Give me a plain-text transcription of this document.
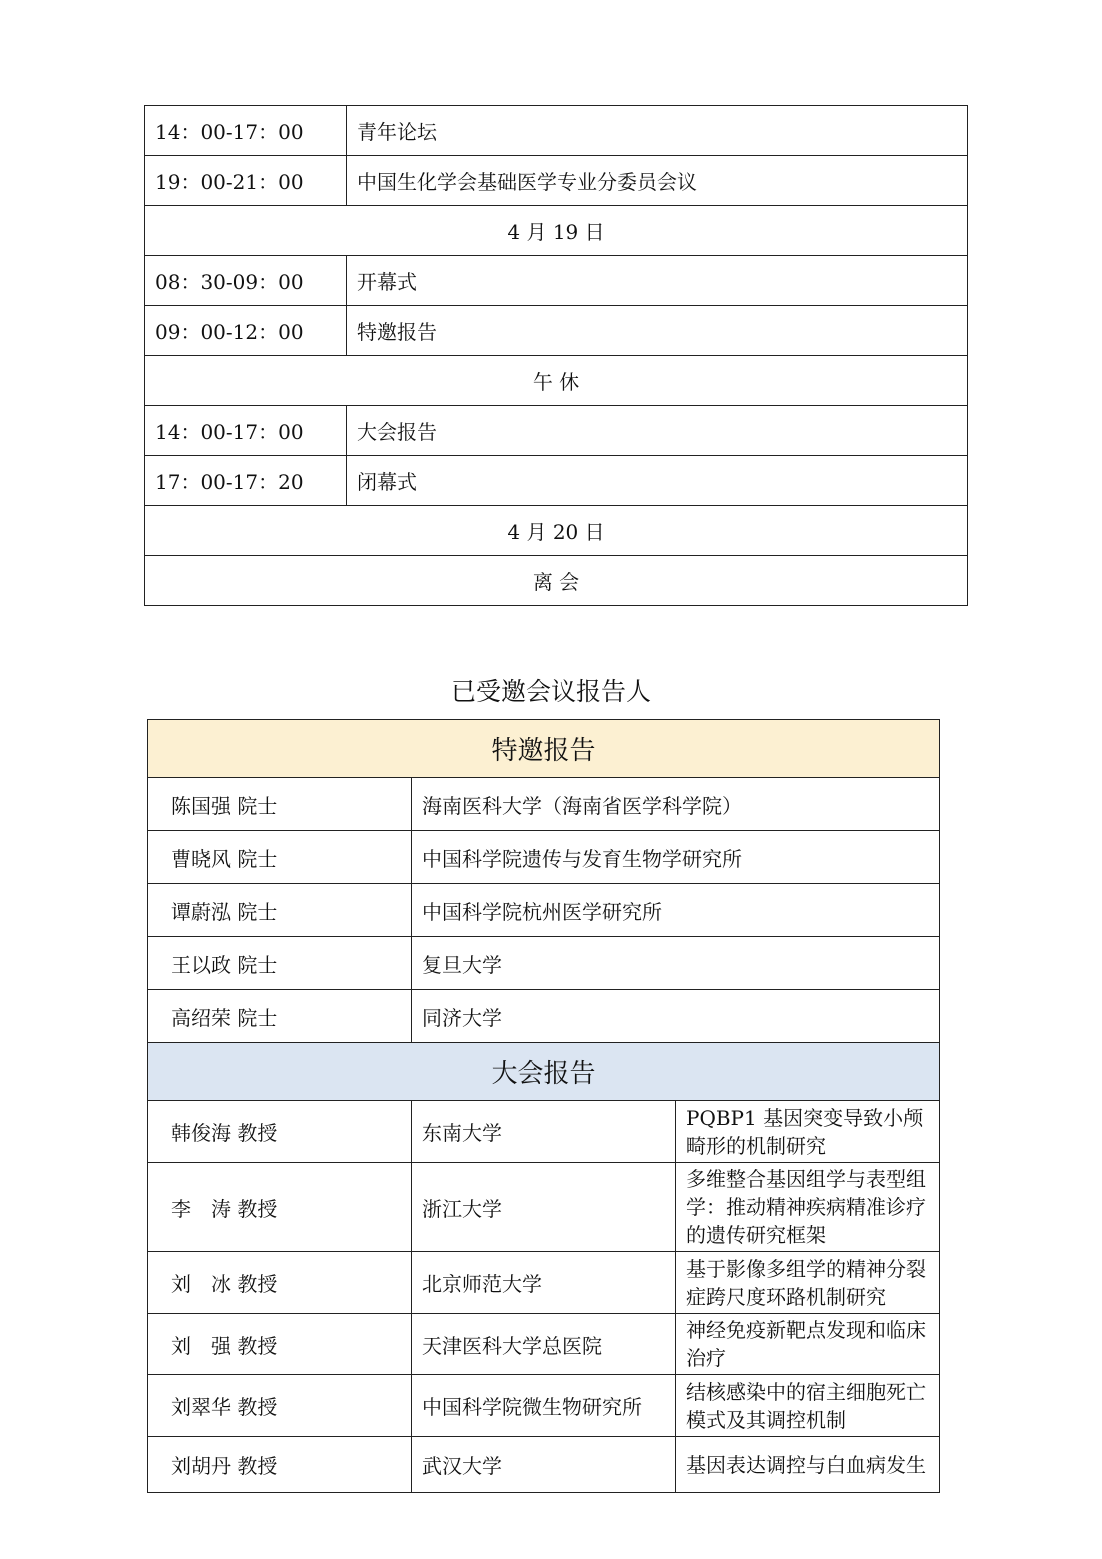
14：00-17：00	青年论坛
19：00-21：00	中国生化学会基础医学专业分委员会议
4 月 19 日	
08：30-09：00	开幕式
09：00-12：00	特邀报告
午 休	
14：00-17：00	大会报告
17：00-17：20	闭幕式
4 月 20 日	
离 会	
已受邀会议报告人
特邀报告		
陈国强 院士	海南医科大学（海南省医学科学院）	
曹晓风 院士	中国科学院遗传与发育生物学研究所	
谭蔚泓 院士	中国科学院杭州医学研究所	
王以政 院士	复旦大学	
高绍荣 院士	同济大学	
大会报告		
韩俊海 教授	东南大学	PQBP1 基因突变导致小颅畸形的机制研究
李　涛 教授	浙江大学	多维整合基因组学与表型组学：推动精神疾病精准诊疗的遗传研究框架
刘　冰 教授	北京师范大学	基于影像多组学的精神分裂症跨尺度环路机制研究
刘　强 教授	天津医科大学总医院	神经免疫新靶点发现和临床治疗
刘翠华 教授	中国科学院微生物研究所	结核感染中的宿主细胞死亡模式及其调控机制
刘胡丹 教授	武汉大学	基因表达调控与白血病发生
